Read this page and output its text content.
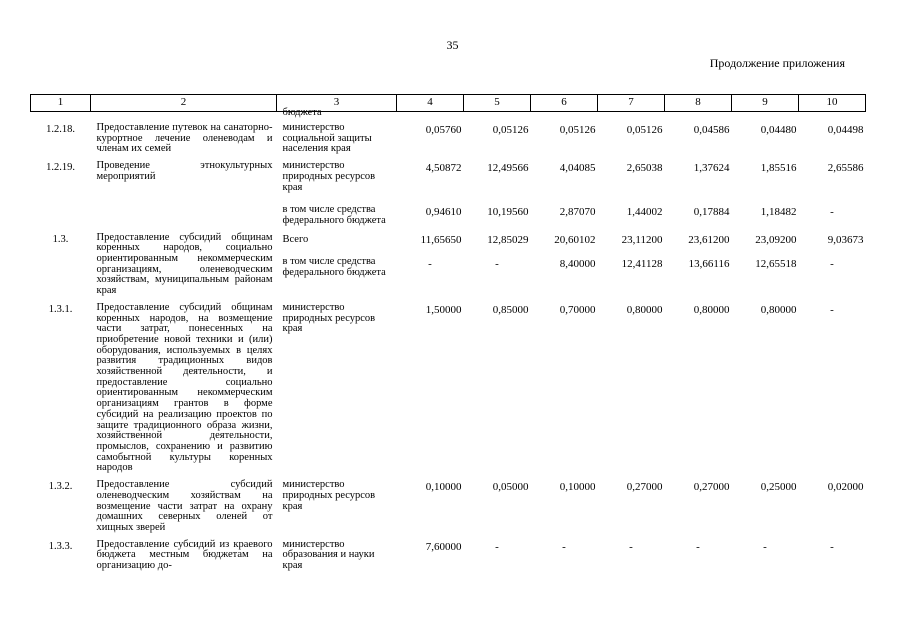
35
Продолжение приложения
1	2	3	4	5	6	7	8	9	10

		бюджета							

1.2.18.	Предоставление путевок на санаторно-курортное лечение оленеводам и членам их семей	министерство социальной защиты населения края	0,05760	0,05126	0,05126	0,05126	0,04586	0,04480	0,04498

1.2.19.	Проведение этнокультурных мероприятий	министерство природных ресурсов края	4,50872	12,49566	4,04085	2,65038	1,37624	1,85516	2,65586
		в том числе средства федерального бюджета	0,94610	10,19560	2,87070	1,44002	0,17884	1,18482	-

1.3.	Предоставление субсидий общинам коренных народов, социально ориентированным некоммерческим организациям, оленеводческим хозяйствам, муниципальным районам края	Всего	11,65650	12,85029	20,60102	23,11200	23,61200	23,09200	9,03673
		в том числе средства федерального бюджета	-	-	8,40000	12,41128	13,66116	12,65518	-

1.3.1.	Предоставление субсидий общинам коренных народов, на возмещение части затрат, понесенных на приобретение новой техники и (или) оборудования, используемых в целях развития традиционных видов хозяйственной деятельности, и предоставление социально ориентированным некоммерческим организациям грантов в форме субсидий на реализацию проектов по защите традиционного образа жизни, хозяйственной деятельности, промыслов, сохранению и развитию самобытной культуры коренных народов	министерство природных ресурсов края	1,50000	0,85000	0,70000	0,80000	0,80000	0,80000	-

1.3.2.	Предоставление субсидий оленеводческим хозяйствам на возмещение части затрат на охрану домашних северных оленей от хищных зверей	министерство природных ресурсов края	0,10000	0,05000	0,10000	0,27000	0,27000	0,25000	0,02000

1.3.3.	Предоставление субсидий из краевого бюджета местным бюджетам на организацию до-	министерство образования и науки края	7,60000	-	-	-	-	-	-
